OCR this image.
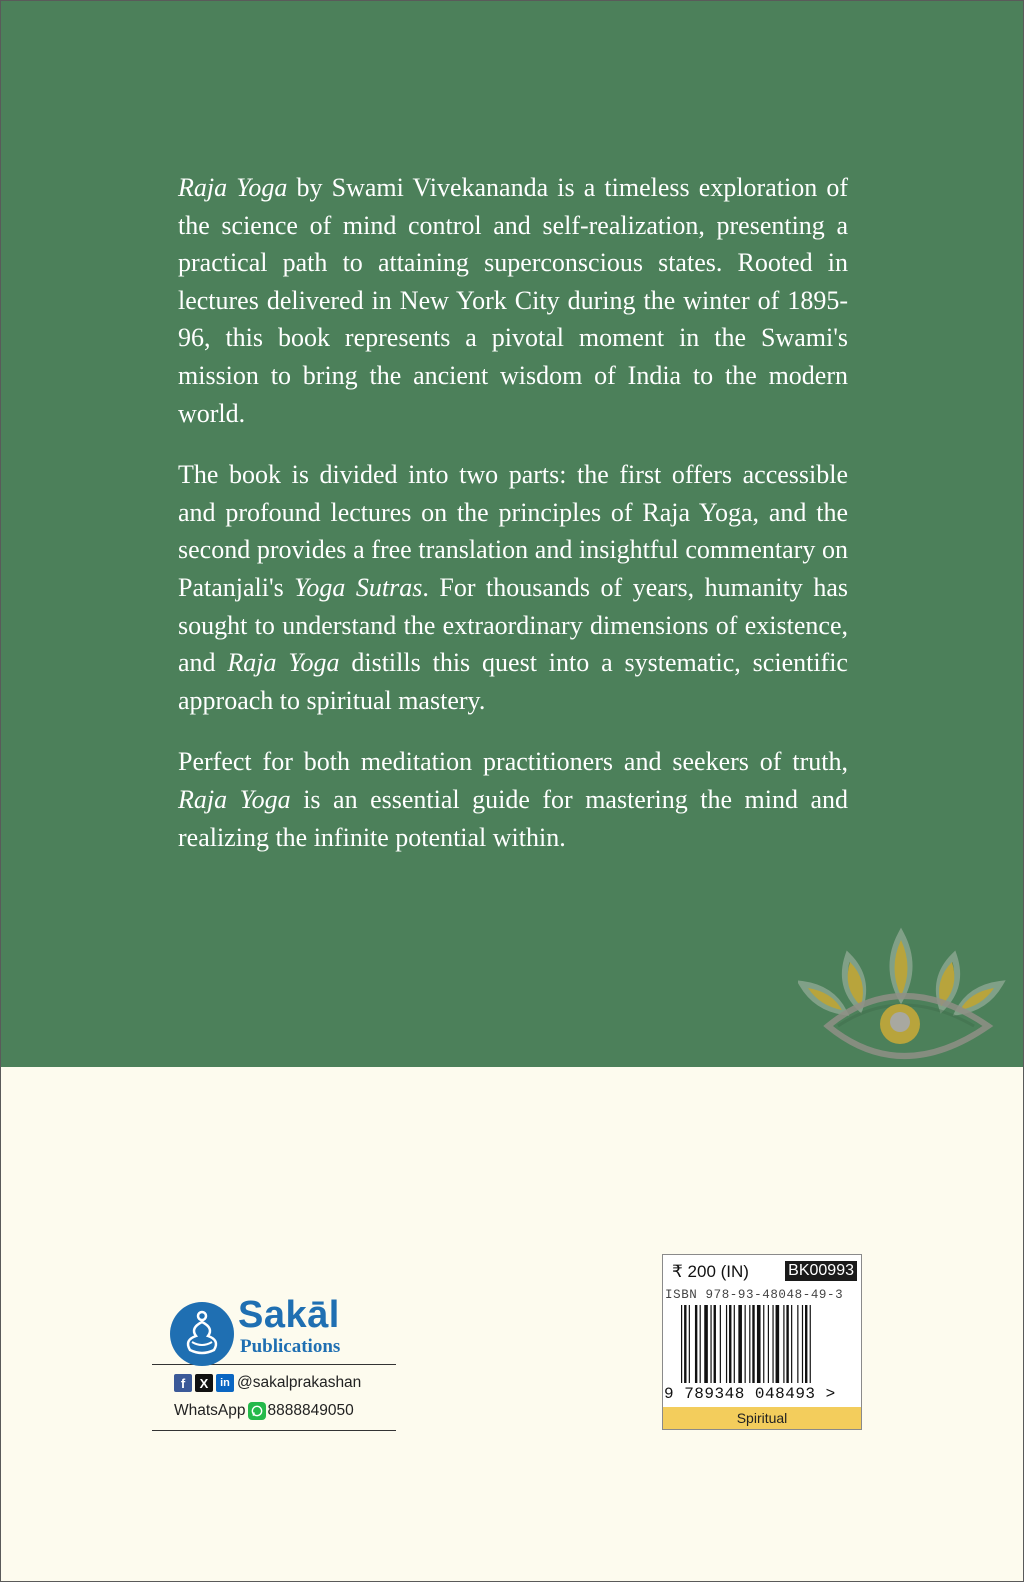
Raja Yoga by Swami Vivekananda is a timeless exploration of the science of mind control and self-realization, presenting a practical path to attaining superconscious states. Rooted in lectures delivered in New York City during the winter of 1895-96, this book represents a pivotal moment in the Swami's mission to bring the ancient wisdom of India to the modern world.

The book is divided into two parts: the first offers accessible and profound lectures on the principles of Raja Yoga, and the second provides a free translation and insightful commentary on Patanjali's Yoga Sutras. For thousands of years, humanity has sought to understand the extraordinary dimensions of existence, and Raja Yoga distills this quest into a systematic, scientific approach to spiritual mastery.

Perfect for both meditation practitioners and seekers of truth, Raja Yoga is an essential guide for mastering the mind and realizing the infinite potential within.

Sakāl
Publications
f	X	in @sakalprakashan
WhatsApp 8888849050
₹ 200 (IN) BK00993
ISBN 978-93-48048-49-3
9 789348 048493 >
Spiritual
